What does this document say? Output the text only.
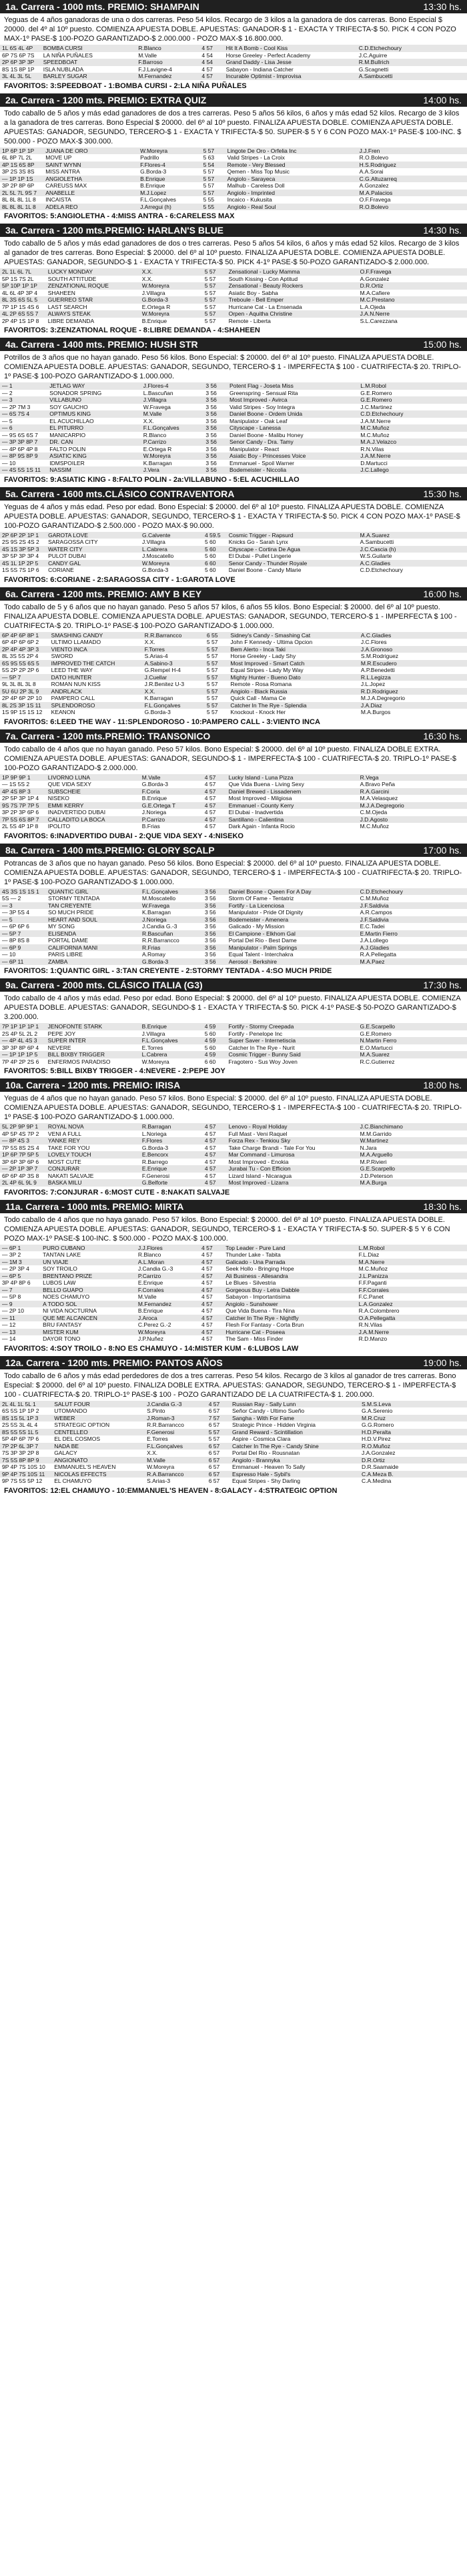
1a. Carrera - 1000 mts. PREMIO: SHAMPAIN	13:30 hs.
Yeguas de 4 años ganadoras de una o dos carreras. Peso 54 kilos. Recargo de 3 kilos a la ganadora de dos carreras. Bono Especial $ 20000. del 4º al 10º puesto. COMIENZA APUESTA DOBLE. APUESTAS: GANADOR-$ 1 - EXACTA Y TRIFECTA-$ 50. PICK 4 CON POZO MAX-1º PASE-$ 100-POZO GARANTIZADO-$ 2.000.000 - POZO MAX-$ 16.800.000.
1L 6S 4L 4P	BOMBA CURSI	R.Blanco	4 57	Hit It A Bomb - Cool Kiss	C.D.Etchechoury
6P 7S 6P 7S	LA NIÑA PUÑALES	M.Valle	4 54	Horse Greeley - Perfect Academy	J.C.Aguirre
2P 6P 3P 3P	SPEEDBOAT	F.Barroso	4 54	Grand Daddy - Lisa Jesse	R.M.Bullrich
8S 1S 8P 1P	ISLA NUBLADA	F.J.Lavigne-4	4 57	Sabayon - Indiana Catcher	G.Scagnetti
3L 4L 3L 5L	BARLEY SUGAR	M.Fernandez	4 57	Incurable Optimist - Improvisa	A.Sambucetti
FAVORITOS: 3:SPEEDBOAT - 1:BOMBA CURSI - 2:LA NIÑA PUÑALES
2a. Carrera - 1200 mts. PREMIO: EXTRA QUIZ	14:00 hs.
Todo caballo de 5 años y más edad ganadores de dos a tres carreras. Peso 5 años 56 kilos, 6 años y más edad 52 kilos. Recargo de 3 kilos a la ganadora de tres carreras. Bono Especial $ 20000. del 6º al 10º puesto. FINALIZA APUESTA DOBLE. COMIENZA APUESTA DOBLE. APUESTAS: GANADOR, SEGUNDO, TERCERO-$ 1 - EXACTA Y TRIFECTA-$ 50. SUPER-$ 5 Y 6 CON POZO MAX-1º PASE-$ 100-INC. $ 500.000 - POZO MAX-$ 300.000.
1P 6P 1P 1P	JUANA DE ORO	W.Moreyra	5 57	Lingote De Oro - Orfelia Inc	J.J.Fren
6L 8P 7L 2L	MOVE UP	Padrillo	5 63	Valid Stripes - La Croix	R.O.Bolevo
4P 1S 6S 8P	SAINT WYNN	F.Flores-4	5 54	Remote - Very Blessed	H.S.Rodriguez
3P 2S 3S 8S	MISS ANTRA	G.Borda-3	5 57	Qemen - Miss Top Music	A.A.Sorai
— 1P 1P 1S	ANGIOLETHA	B.Enrique	5 57	Angiolo - Sarayeca	C.G.Altuzarreq
3P 2P 8P 6P	CAREUSS MAX	B.Enrique	5 57	Malhub - Careless Doll	A.Gonzalez
2L 5L 7L 9S 7	ANABELLE	M.J.Lopez	5 57	Angiolo - Imprinted	M.A.Palacios
8L 8L 8L 1L 8	INCAISTA	F.L.Gonçalves	5 55	Incaico - Kukusita	O.F.Fravega
8L 8L 8L 1L 8	ADELA REO	J.Arregui (h)	5 55	Angiolo - Real Soul	R.O.Bolevo
FAVORITOS: 5:ANGIOLETHA - 4:MISS ANTRA - 6:CARELESS MAX
3a. Carrera - 1200 mts.PREMIO: HARLAN'S BLUE	14:30 hs.
Todo caballo de 5 años y más edad ganadores de dos o tres carreras. Peso 5 años 54 kilos, 6 años y más edad 52 kilos. Recargo de 3 kilos al ganador de tres carreras. Bono Especial: $ 20000. del 6º al 10º puesto. FINALIZA APUESTA DOBLE. COMIENZA APUESTA DOBLE. APUESTAS: GANADOR, SEGUNDO-$ 1 - EXACTA Y TRIFECTA-$ 50. PICK 4-1º PASE-$ 50-POZO GARANTIZADO-$ 2.000.000.
2L 1L 6L 7L	LUCKY MONDAY	X.X.	5 57	Zensational - Lucky Mamma	O.F.Fravega
5P 1S 7S 2L	SOUTH ATTITUDE	X.X.	5 57	South Kissing - Con Aptitud	A.Gonzalez
5P 10P 1P 1P	ZENZATIONAL ROQUE	W.Moreyra	5 57	Zensational - Beauty Rockers	D.R.Ortiz
4L 6L 4P 3P 4	SHAHEEN	J.Villagra	5 57	Asiatic Boy - Sabha	M.A.Cafiere
8L 3S 6S 5L 5	GUERREO STAR	G.Borda-3	5 57	Treboule - Bell Emper	M.C.Prestano
7P 1P 1S 4S 6	LAST SEARCH	E.Ortega R	5 57	Hurricane Cat - La Ensenada	L.A.Ojeda
4L 2P 6S 5S 7	ALWAYS STEAK	W.Moreyra	5 57	Orpen - Aquitha Christine	J.A.N.Nerre
2P 4P 1S 1P 8	LIBRE DEMANDA	B.Enrique	5 57	Remote - Liberta	S.L.Carezzana
FAVORITOS: 3:ZENZATIONAL ROQUE - 8:LIBRE DEMANDA - 4:SHAHEEN
4a. Carrera - 1400 mts. PREMIO: HUSH STR	15:00 hs.
Potrillos de 3 años que no hayan ganado. Peso 56 kilos. Bono Especial: $ 20000. del 6º al 10º puesto. FINALIZA APUESTA DOBLE. COMIENZA APUESTA DOBLE. APUESTAS: GANADOR, SEGUNDO, TERCERO-$ 1 - IMPERFECTA $ 100 - CUATRIFECTA-$ 20. TRIPLO-1º PASE-$ 100-POZO GARANTIZADO-$ 1.000.000.
— 1	JETLAG WAY	J.Flores-4	3 56	Potent Flag - Joseta Miss	L.M.Robol
— 2	SONADOR SPRING	L.Bascuñan	3 56	Greenspring - Sensual Rita	G.E.Romero
— 3	VILLABUNO	J.Villagra	3 56	Most Improved - Avirca	G.E.Romero
— 2P 7M 3	SOY GAUCHO	W.Fravega	3 56	Valid Stripes - Soy Integra	J.C.Martinez
— 6S 7S 4	OPTIMUS KING	M.Valle	3 56	Daniel Boone - Ordem Unida	C.D.Etchechoury
— 5	EL ACUCHILLAO	X.X.	3 56	Manipulator - Oak Leaf	J.A.M.Nerre
— 6	EL PITURRO	F.L.Gonçalves	3 56	Cityscape - Lanessa	M.C.Muñoz
— 9S 6S 6S 7	MANICARPIO	R.Blanco	3 56	Daniel Boone - Malibu Honey	M.C.Muñoz
— 3P 3P 8P 7	DR. CAN	P.Carrizo	3 56	Senor Candy - Dra. Tamy	M.A.J.Velazco
— 4P 6P 4P 8	FALTO POLIN	E.Ortega R	3 56	Manipulator - React	R.N.Vilas
— 8P 9S 8P 9	ASIATIC KING	W.Moreyra	3 56	Asiatic Boy - Princesses Voice	J.A.M.Nerre
— 10	IDMSPOILER	K.Barragan	3 56	Emmanuel - Spoil Warner	D.Martucci
— 4S 5S 1S 11	NASSIM	J.Vera	3 56	Bodemeister - Niccolia	J.C.Lallego
FAVORITOS: 9:ASIATIC KING - 8:FALTO POLIN - 2a:VILLABUNO - 5:EL ACUCHILLAO
5a. Carrera - 1600 mts.CLÁSICO CONTRAVENTORA	15:30 hs.
Yeguas de 4 años y más edad. Peso por edad. Bono Especial: $ 20000. del 6º al 10º puesto. FINALIZA APUESTA DOBLE. COMIENZA APUESTA DOBLE. APUESTAS: GANADOR, SEGUNDO, TERCERO-$ 1 - EXACTA Y TRIFECTA-$ 50. PICK 4 CON POZO MAX-1º PASE-$ 100-POZO GARANTIZADO-$ 2.500.000 - POZO MAX-$ 90.000.
2P 6P 2P 1P 1	GAROTA LOVE	G.Calvente	4 59.5	Cosmic Trigger - Rapsurd	M.A.Suarez
2S 9S 2S 4S 2	SARAGOSSA CITY	J.Villagra	5 60	Knicks Go - Sarah Lynx	A.Sambucetti
4S 1S 3P 5P 3	WATER CITY	L.Cabrera	5 60	Cityscape - Cortina De Agua	J.C.Cascia (h)
3P 5P 3P 3P 4	PULOT DUBAI	J.Moscatello	5 60	El Dubai - Pullet Lingerie	W.S.Guilarte
4S 1L 1P 2P 5	CANDY GAL	W.Moreyra	6 60	Senor Candy - Thunder Royale	A.C.Gladies
1S 5S 7S 1P 6	CORIANE	G.Borda-3	5 60	Daniel Boone - Candy Mlarie	C.D.Etchechoury
FAVORITOS: 6:CORIANE - 2:SARAGOSSA CITY - 1:GAROTA LOVE
6a. Carrera - 1200 mts. PREMIO: AMY B KEY	16:00 hs.
Todo caballo de 5 y 6 años que no hayan ganado. Peso 5 años 57 kilos, 6 años 55 kilos. Bono Especial: $ 20000. del 6º al 10º puesto. FINALIZA APUESTA DOBLE. COMIENZA APUESTA DOBLE. APUESTAS: GANADOR, SEGUNDO, TERCERO-$ 1 - IMPERFECTA $ 100 - CUATRIFECTA-$ 20. TRIPLO-1º PASE-$ 100-POZO GARANTIZADO-$ 1.000.000.
6P 4P 6P 8P 1	SMASHING CANDY	R.R.Barrancco	6 55	Sidney's Candy - Smashing Cat	A.C.Gladies
6P 4P 6P 6P 2	ULTIMO LLAMADO	X.X.	5 57	John F Kennedy - Ultima Opcion	J.C.Flores
2P 4P 4P 3P 3	VIENTO INCA	F.Torres	5 57	Bem Alerto - Inca Taki	J.A.Gronoso
8L 3S 5S 2P 4	SWORD	S.Arias-4	5 57	Horse Greeley - Lady Shy	S.M.Rodriguez
6S 9S 5S 6S 5	IMPROVED THE CATCH	A.Sabino-3	5 57	Most Improved - Smart Catch	M.R.Escudero
5S 2P 2P 2P 6	LEED THE WAY	G.Rempel H-4	5 57	Equal Stripes - Lady My Way	A.P.Benedetti
— 5P 7	DATO HUNTER	J.Cuellar	5 57	Mighty Hunter - Bueno Dato	R.L.Legizza
9L 3L 8L 3L 8	ROMAN NUN KISS	J.R.Benitez U-3	5 57	Remote - Rosa Romana	J.L.Jopez
5U 6U 2P 3L 9	ANDRLACK	X.X.	5 57	Angiolo - Black Russia	R.D.Rodriguez
2P 4P 6P 2P 10	PAMPERO CALL	K.Barragan	5 57	Quick Call - Mama Ce	M.J.A.Degregorio
8L 2S 3P 1S 11	SPLENDOROSO	F.L.Gonçalves	5 57	Catcher In The Rye - Splendia	J.A.Diaz
1S 9P 1S 1S 12	KEANON	G.Borda-3	5 57	Knockout - Knock Her	M.A.Burgos
FAVORITOS: 6:LEED THE WAY - 11:SPLENDOROSO - 10:PAMPERO CALL - 3:VIENTO INCA
7a. Carrera - 1200 mts.PREMIO: TRANSONICO	16:30 hs.
Todo caballo de 4 años que no hayan ganado. Peso 57 kilos. Bono Especial: $ 20000. del 6º al 10º puesto. FINALIZA DOBLE EXTRA. COMIENZA APUESTA DOBLE. APUESTAS: GANADOR, SEGUNDO-$ 1 - IMPERFECTA-$ 100 - CUATRIFECTA-$ 20. TRIPLO-1º PASE-$ 100-POZO GARANTIZADO-$ 2.000.000.
1P 9P 9P 1	LIVORNO LUNA	M.Valle	4 57	Lucky Island - Luna Pizza	R.Vega
— 1S 5S 2	QUE VIDA SEXY	G.Borda-3	4 57	Que Vida Buena - Living Sexy	A.Bravo Peña
4P 4S 8P 3	SUBSCHEIE	F.Coria	4 57	Daniel Brewed - Lissadenem	R.A.Garcini
2P 5P 3P 1P 4	NISEKO	B.Enrique	4 57	Most Improved - Milgiosa	M.A.Velasquez
9S 7S 7P 7P 5	EMMI KERRY	G.E.Ortega T	4 57	Emmanuel - County Kerry	M.J.A.Degregorio
3P 2P 3P 6P 6	INADVERTIDO DUBAI	J.Noriega	4 57	El Dubai - Inadvertida	C.M.Ojeda
7P 5S 6S 8P 7	CALLADITO LA BOCA	P.Carrizo	4 57	Santillano - Calientina	J.D.Agosto
2L 5S 4P 1P 8	IPOLITO	B.Frias	4 57	Dark Again - Infanta Rocio	M.C.Muñoz
FAVORITOS: 6:INADVERTIDO DUBAI - 2:QUE VIDA SEXY - 4:NISEKO
8a. Carrera - 1400 mts.PREMIO: GLORY SCALP	17:00 hs.
Potrancas de 3 años que no hayan ganado. Peso 56 kilos. Bono Especial: $ 20000. del 6º al 10º puesto. FINALIZA APUESTA DOBLE. COMIENZA APUESTA DOBLE. APUESTAS: GANADOR, SEGUNDO, TERCERO-$ 1 - IMPERFECTA-$ 100 - CUATRIFECTA-$ 20. TRIPLO-1º PASE-$ 100-POZO GARANTIZADO-$ 1.000.000.
4S 3S 1S 1S 1	QUANTIC GIRL	F.L.Gonçalves	3 56	Daniel Boone - Queen For A Day	C.D.Etchechoury
5S — 2	STORMY TENTADA	M.Moscatello	3 56	Storm Of Fame - Tentatriz	C.M.Muñoz
— 3	TAN CREYENTE	W.Fravega	3 56	Fortify - La Licenciosa	J.F.Saldivia
— 3P 5S 4	SO MUCH PRIDE	K.Barragan	3 56	Manipulator - Pride Of Dignity	A.R.Campos
— 5	HEART AND SOUL	J.Noriega	3 56	Bodemeister - Amenera	J.F.Saldivia
— 6P 6P 6	MY SONG	J.Candia G.-3	3 56	Galicado - My Mission	E.C.Tadei
— 5P 7	ELISENDA	R.Bascuñan	3 56	El Campione - Elkhom Gal	E.Martin Fierro
— 8P 8S 8	PORTAL DAME	R.R.Barrancco	3 56	Portal Del Rio - Best Dame	J.A.Lollego
— 6P 9	CALIFORNIA MANI	R.Frias	3 56	Manipulator - Palm Springs	A.J.Gladies
— 10	PARIS LIBRE	A.Romay	3 56	Equal Talent - Interchakra	R.A.Pellegatta
— 6P 11	ZAMBA	G.Borda-3	3 56	Aerosol - Berkshire	M.A.Paez
FAVORITOS: 1:QUANTIC GIRL - 3:TAN CREYENTE - 2:STORMY TENTADA - 4:SO MUCH PRIDE
9a. Carrera - 2000 mts. CLÁSICO ITALIA (G3)	17:30 hs.
Todo caballo de 4 años y más edad. Peso por edad. Bono Especial: $ 20000. del 6º al 10º puesto. FINALIZA APUESTA DOBLE. COMIENZA APUESTA DOBLE. APUESTAS: GANADOR, SEGUNDO-$ 1 - EXACTA Y TRIFECTA-$ 50. PICK 4-1º PASE-$ 50-POZO GARANTIZADO-$ 3.200.000.
7P 1P 1P 1P 1	JENOFONTE STARK	B.Enrique	4 59	Fortify - Stormy Creepada	G.E.Scarpello
2S 4P 5L 2L 2	PEPE JOY	J.Villagra	5 60	Fortify - Penelope Inc	G.E.Romero
— 4P 4L 4S 3	SUPER INTER	F.L.Gonçalves	4 59	Super Saver - Internetiscia	N.Martin Ferro
3P 3P 8P 6P 4	NEVERE	E.Torres	5 60	Catcher In The Rye - Nurit	E.O.Martucci
— 1P 1P 1P 5	BILL BIXBY TRIGGER	L.Cabrera	4 59	Cosmic Trigger - Bunny Said	M.A.Suarez
7P 4P 2P 2S 6	ENFERMOS PARADISO	W.Moreyra	6 60	Fragotero - Sus Woy Joven	R.C.Gutierrez
FAVORITOS: 5:BILL BIXBY TRIGGER - 4:NEVERE - 2:PEPE JOY
10a. Carrera - 1200 mts. PREMIO: IRISA	18:00 hs.
Yeguas de 4 años que no hayan ganado. Peso 57 kilos. Bono Especial: $ 20000. del 6º al 10º puesto. FINALIZA APUESTA DOBLE. COMIENZA APUESTA DOBLE. APUESTAS: GANADOR, SEGUNDO, TERCERO-$ 1 - IMPERFECTA-$ 100 - CUATRIFECTA-$ 20. TRIPLO-1º PASE-$ 100-POZO GARANTIZADO-$ 1.000.000.
5L 2P 9P 9P 1	ROYAL NOVA	R.Barragan	4 57	Lenovo - Royal Holiday	J.C.Bianchimano
4P 5P 4S 7P 2	VENI A FULL	L.Noriega	4 57	Full Mast - Veni Raquel	M.M.Garrido
— 8P 4S 3	YANKE REY	F.Flores	4 57	Forza Rex - Tenkiou Sky	W.Martinez
7P 5S 8S 2S 4	TAKE FOR YOU	G.Borda-3	4 57	Take Charge Brandi - Tale For You	N.Jara
1P 6P 7P 5P 5	LOVELY TOUCH	E.Bencorx	4 57	Mar Command - Limurosa	M.A.Arguello
3P 6P 3P 6P 6	MOST CUTE	R.Barrego	4 57	Most Improved - Enokia	M.P.Rivieri
— 2P 1P 3P 7	CONJURAR	E.Enrique	4 57	Jurabai Tu - Con Efficion	G.E.Scarpello
6P 6P 4P 3S 8	NAKATI SALVAJE	F.Generosi	4 57	Lizard Island - Nicaragua	J.D.Peterson
2L 4P 6L 9L 9	BASKA MILU	G.Belforte	4 57	Most Improved - Lizarra	M.A.Burga
FAVORITOS: 7:CONJURAR - 6:MOST CUTE - 8:NAKATI SALVAJE
11a. Carrera - 1000 mts. PREMIO: MIRTA	18:30 hs.
Todo caballo de 4 años que no haya ganado. Peso 57 kilos. Bono Especial: $ 20000. del 6º al 10º puesto. FINALIZA APUESTA DOBLE. COMIENZA APUESTA DOBLE. APUESTAS: GANADOR, SEGUNDO, TERCERO-$ 1 - EXACTA Y TRIFECTA-$ 50. SUPER-$ 5 Y 6 CON POZO MAX-1º PASE-$ 100-INC. $ 500.000 - POZO MAX-$ 100.000.
— 6P 1	PURO CUBANO	J.J.Flores	4 57	Top Leader - Pure Land	L.M.Robol
— 3P 2	TANTAN LAKE	R.Blanco	4 57	Thunder Lake - Tabita	F.L.Diaz
— 1M 3	UN VIAJE	A.L.Moran	4 57	Galicado - Una Parrada	M.A.Nerre
— 2P 3P 4	SOY TROILO	J.Candia G.-3	4 57	Seek Hollo - Bringing Hope	M.C.Muñoz
— 6P 5	BRENTANO PRIZE	P.Carrizo	4 57	Ali Business - Allesandra	J.L.Panizza
3P 4P 8P 6	LUBOS LAW	E.Enrique	4 57	Le Blues - Silvestria	F.F.Paganti
— 7	BELLO GUAPO	F.Corrales	4 57	Gorgeous Buy - Letra Dabble	F.F.Corrales
— 5P 8	NOES CHAMUYO	M.Valle	4 57	Sabayon - Importantisima	F.C.Panet
— 9	A TODO SOL	M.Fernandez	4 57	Angiolo - Sunshower	L.A.Gonzalez
— 2P 10	NI VIDA NOCTURNA	B.Enrique	4 57	Que Vida Buena - Tira Nina	R.A.Colombrero
— 11	QUE ME ALCANCEN	J.Aroca	4 57	Catcher In The Rye - Nightfly	O.A.Pellegatta
— 12	BRU FANTASY	C.Perez G.-2	4 57	Flesh For Fantasy - Corta Brun	R.N.Vilas
— 13	MISTER KUM	W.Moreyra	4 57	Hurricane Cat - Poseea	J.A.M.Nerre
— 14	DAYOR TONO	J.P.Nuñez	4 57	The Sam - Miss Finder	R.D.Manzo
FAVORITOS: 4:SOY TROILO - 8:NO ES CHAMUYO - 14:MISTER KUM - 6:LUBOS LAW
12a. Carrera - 1200 mts. PREMIO: PANTOS AÑOS	19:00 hs.
Todo caballo de 6 años y más edad perdedores de dos a tres carreras. Peso 54 kilos. Recargo de 3 kilos al ganador de tres carreras. Bono Especial: $ 20000. del 6º al 10º puesto. FINALIZA DOBLE EXTRA. APUESTAS: GANADOR, SEGUNDO, TERCERO-$ 1 - IMPERFECTA-$ 100 - CUATRIFECTA-$ 20. TRIPLO-1º PASE-$ 100 - POZO GARANTIZADO DE LA CUATRIFECTA-$ 1. 200.000.
2L 4L 1L 5L 1	SALUT FOUR	J.Candia G.-3	4 57	Russian Ray - Sally Lunn	S.M.S.Leva
6S 5S 1P 1P 2	UTOMANDO	S.Pinto	6 57	Señor Candy - Ultimo Sueño	G.A.Serenio
8S 1S 5L 1P 3	WEBER	J.Roman-3	7 57	Sangha - With For Fame	M.R.Cruz
2S 5S 3L 4L 4	STRATEGIC OPTION	R.R.Barrancco	6 57	Strategic Prince - Hidden Virginia	G.G.Romero
8S 5S 5S 1L 5	CENTELLEO	F.Generosi	5 57	Grand Reward - Scintillation	H.D.Peralta
5P 4P 6P 7P 6	EL DEL COSMOS	E.Torres	5 57	Aspire - Cosmica Clara	H.D.V.Pirez
7P 2P 6L 3P 7	NADA BE	F.L.Gonçalves	6 57	Catcher In The Rye - Candy Shine	R.O.Muñoz
7S 3P 3P 2P 8	GALACY	X.X.	6 57	Portal Del Rio - Rousnatan	J.A.Gonzalez
7S 5S 8P 8P 9	ANGIONATO	M.Valle	6 57	Angiolo - Brannyka	D.R.Ortiz
9P 4P 7S 10S 10	EMMANUEL'S HEAVEN	W.Moreyra	6 57	Emmanuel - Heaven To Sally	D.R.Saamaide
9P 4P 7S 10S 11	NICOLAS EFFECTS	R.A.Barrancco	6 57	Espresso Hale - Sybil's	C.A.Meza B.
9P 7S 5S 5P 12	EL CHAMUYO	S.Arias-3	6 57	Equal Stripes - Shy Darling	C.A.Medina
FAVORITOS: 12:EL CHAMUYO - 10:EMMANUEL'S HEAVEN - 8:GALACY - 4:STRATEGIC OPTION
